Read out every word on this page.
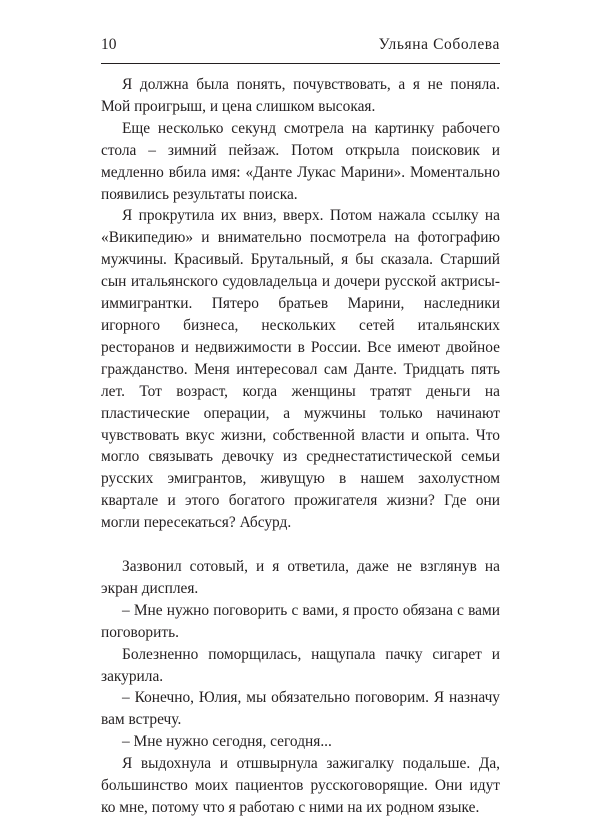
10	Ульяна Соболева

Я должна была понять, почувствовать, а я не поняла. Мой проигрыш, и цена слишком высокая.

Еще несколько секунд смотрела на картинку рабочего стола – зимний пейзаж. Потом открыла поисковик и медленно вбила имя: «Данте Лукас Марини». Моментально появились результаты поиска.

Я прокрутила их вниз, вверх. Потом нажала ссылку на «Википедию» и внимательно посмотрела на фотографию мужчины. Красивый. Брутальный, я бы сказала. Старший сын итальянского судовладельца и дочери русской актрисы-иммигрантки. Пятеро братьев Марини, наследники игорного бизнеса, нескольких сетей итальянских ресторанов и недвижимости в России. Все имеют двойное гражданство. Меня интересовал сам Данте. Тридцать пять лет. Тот возраст, когда женщины тратят деньги на пластические операции, а мужчины только начинают чувствовать вкус жизни, собственной власти и опыта. Что могло связывать девочку из среднестатистической семьи русских эмигрантов, живущую в нашем захолустном квартале и этого богатого прожигателя жизни? Где они могли пересекаться? Абсурд.

Зазвонил сотовый, и я ответила, даже не взглянув на экран дисплея.

– Мне нужно поговорить с вами, я просто обязана с вами поговорить.

Болезненно поморщилась, нащупала пачку сигарет и закурила.

– Конечно, Юлия, мы обязательно поговорим. Я назначу вам встречу.

– Мне нужно сегодня, сегодня...

Я выдохнула и отшвырнула зажигалку подальше. Да, большинство моих пациентов русскоговорящие. Они идут ко мне, потому что я работаю с ними на их родном языке.
